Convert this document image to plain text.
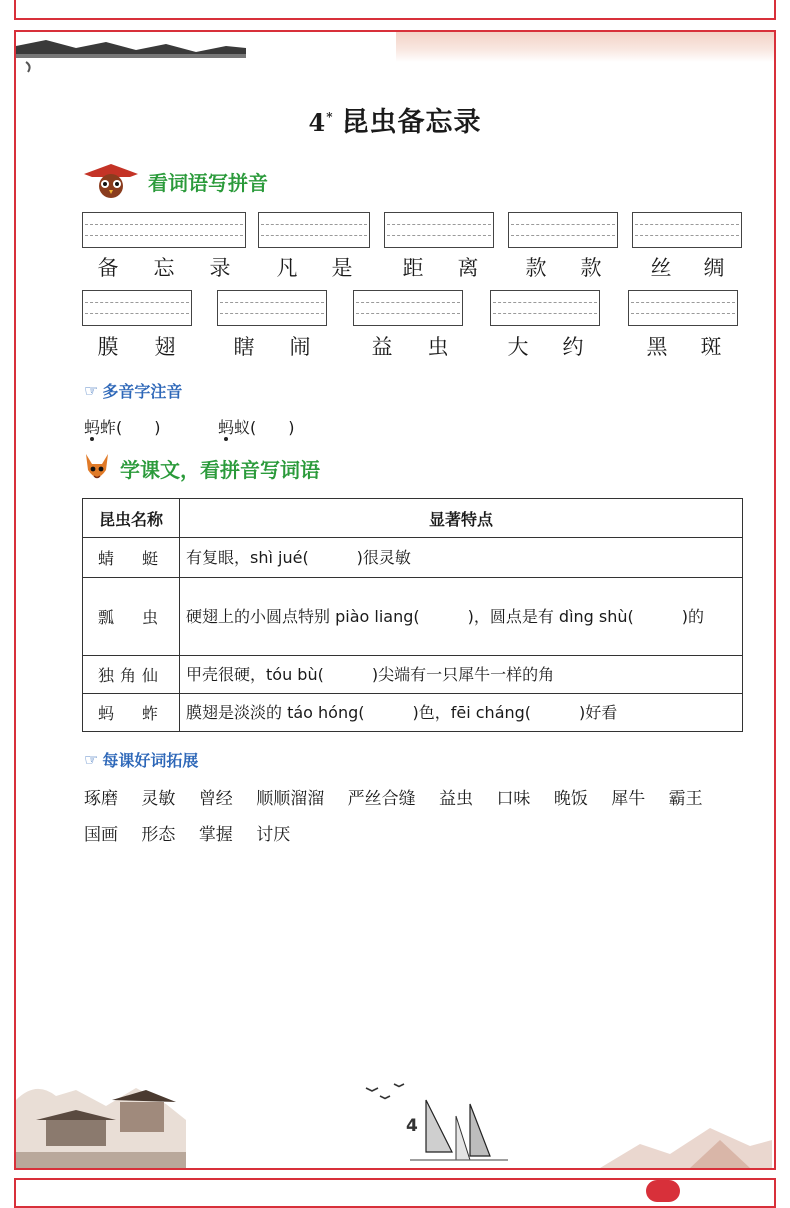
4* 昆虫备忘录
看词语写拼音
备 忘 录 凡 是 距 离 款 款 丝 绸
膜 翅	瞎 闹	益 虫	大 约	黑 斑
☞ 多音字注音
蚂蚱(　　)	蚂蚁(　　)
学课文，看拼音写词语
昆虫名称	显著特点
蜻　蜓	有复眼，shì jué(　　　)很灵敏
瓢　虫	硬翅上的小圆点特别 piào liang(　　　)，圆点是有 dìng shù(　　　)的
独角仙	甲壳很硬，tóu bù(　　　)尖端有一只犀牛一样的角
蚂　蚱	膜翅是淡淡的 táo hóng(　　　)色，fēi cháng(　　　)好看
☞ 每课好词拓展
琢磨 灵敏 曾经 顺顺溜溜 严丝合缝 益虫 口味 晚饭 犀牛 霸王
国画 形态 掌握 讨厌
4
